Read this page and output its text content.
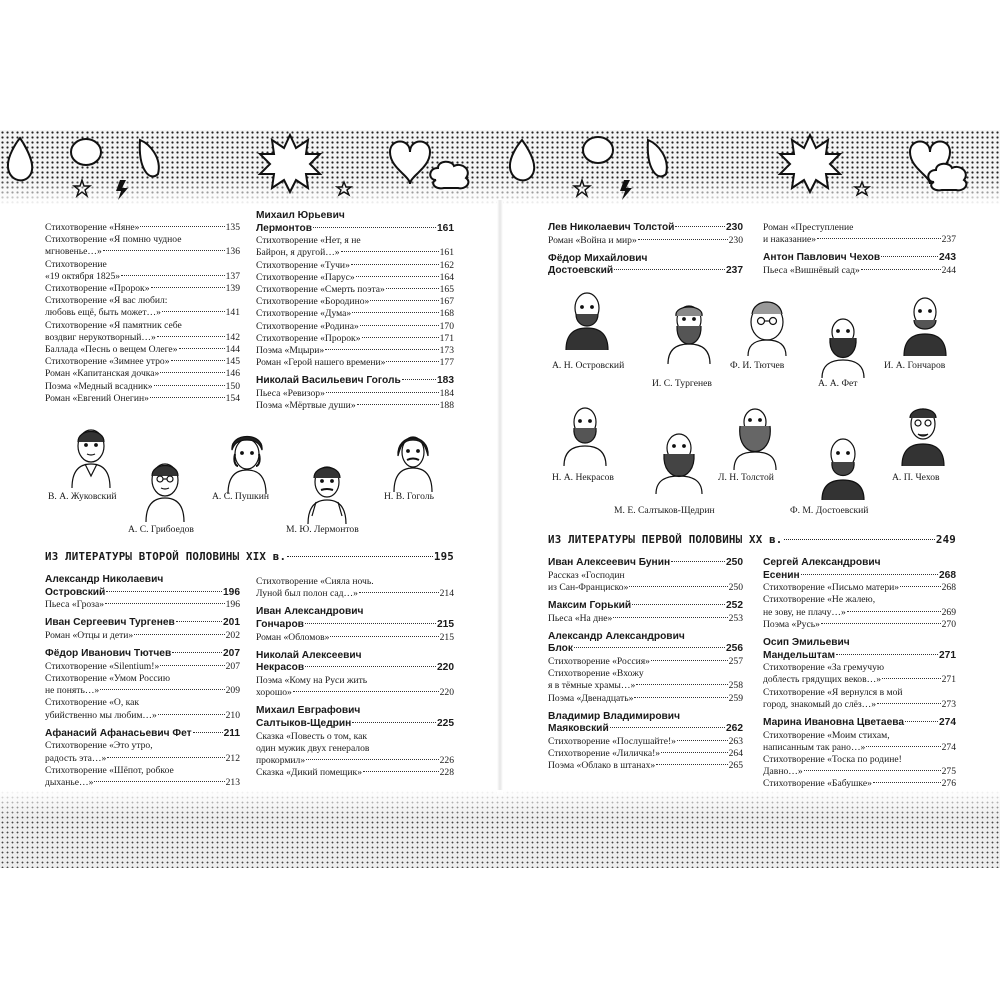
Стихотворение «Няне»	135
Стихотворение «Я помню чудное
мгновенье…»	136
Стихотворение
«19 октября 1825»	137
Стихотворение «Пророк»	139
Стихотворение «Я вас любил:
любовь ещё, быть может…»	141
Стихотворение «Я памятник себе
воздвиг нерукотворный…»	142
Баллада «Песнь о вещем Олеге»	144
Стихотворение «Зимнее утро»	145
Роман «Капитанская дочка»	146
Поэма «Медный всадник»	150
Роман «Евгений Онегин»	154
Михаил Юрьевич
Лермонтов	161
Стихотворение «Нет, я не
Байрон, я другой…»	161
Стихотворение «Тучи»	162
Стихотворение «Парус»	164
Стихотворение «Смерть поэта»	165
Стихотворение «Бородино»	167
Стихотворение «Дума»	168
Стихотворение «Родина»	170
Стихотворение «Пророк»	171
Поэма «Мцыри»	173
Роман «Герой нашего времени»	177
Николай Васильевич Гоголь	183
Пьеса «Ревизор»	184
Поэма «Мёртвые души»	188
В. А. Жуковский
А. С. Грибоедов
А. С. Пушкин
М. Ю. Лермонтов
Н. В. Гоголь
ИЗ ЛИТЕРАТУРЫ ВТОРОЙ ПОЛОВИНЫ XIX в.	195
Александр Николаевич
Островский	196
Пьеса «Гроза»	196
Иван Сергеевич Тургенев	201
Роман «Отцы и дети»	202
Фёдор Иванович Тютчев	207
Стихотворение «Silentium!»	207
Стихотворение «Умом Россию
не понять…»	209
Стихотворение «О, как
убийственно мы любим…»	210
Афанасий Афанасьевич Фет	211
Стихотворение «Это утро,
радость эта…»	212
Стихотворение «Шёпот, робкое
дыханье…»	213
Стихотворение «Сияла ночь.
Луной был полон сад…»	214
Иван Александрович
Гончаров	215
Роман «Обломов»	215
Николай Алексеевич
Некрасов	220
Поэма «Кому на Руси жить
хорошо»	220
Михаил Евграфович
Салтыков-Щедрин	225
Сказка «Повесть о том, как
один мужик двух генералов
прокормил»	226
Сказка «Дикий помещик»	228
Лев Николаевич Толстой	230
Роман «Война и мир»	230
Фёдор Михайлович
Достоевский	237
Роман «Преступление
и наказание»	237
Антон Павлович Чехов	243
Пьеса «Вишнёвый сад»	244
А. Н. Островский
И. С. Тургенев
Ф. И. Тютчев
А. А. Фет
И. А. Гончаров
Н. А. Некрасов
М. Е. Салтыков-Щедрин
Л. Н. Толстой
Ф. М. Достоевский
А. П. Чехов
ИЗ ЛИТЕРАТУРЫ ПЕРВОЙ ПОЛОВИНЫ XX в.	249
Иван Алексеевич Бунин	250
Рассказ «Господин
из Сан-Франциско»	250
Максим Горький	252
Пьеса «На дне»	253
Александр Александрович
Блок	256
Стихотворение «Россия»	257
Стихотворение «Вхожу
я в тёмные храмы…»	258
Поэма «Двенадцать»	259
Владимир Владимирович
Маяковский	262
Стихотворение «Послушайте!»	263
Стихотворение «Лиличка!»	264
Поэма «Облако в штанах»	265
Сергей Александрович
Есенин	268
Стихотворение «Письмо матери»	268
Стихотворение «Не жалею,
не зову, не плачу…»	269
Поэма «Русь»	270
Осип Эмильевич
Мандельштам	271
Стихотворение «За гремучую
доблесть грядущих веков…»	271
Стихотворение «Я вернулся в мой
город, знакомый до слёз…»	273
Марина Ивановна Цветаева	274
Стихотворение «Моим стихам,
написанным так рано…»	274
Стихотворение «Тоска по родине!
Давно…»	275
Стихотворение «Бабушке»	276
